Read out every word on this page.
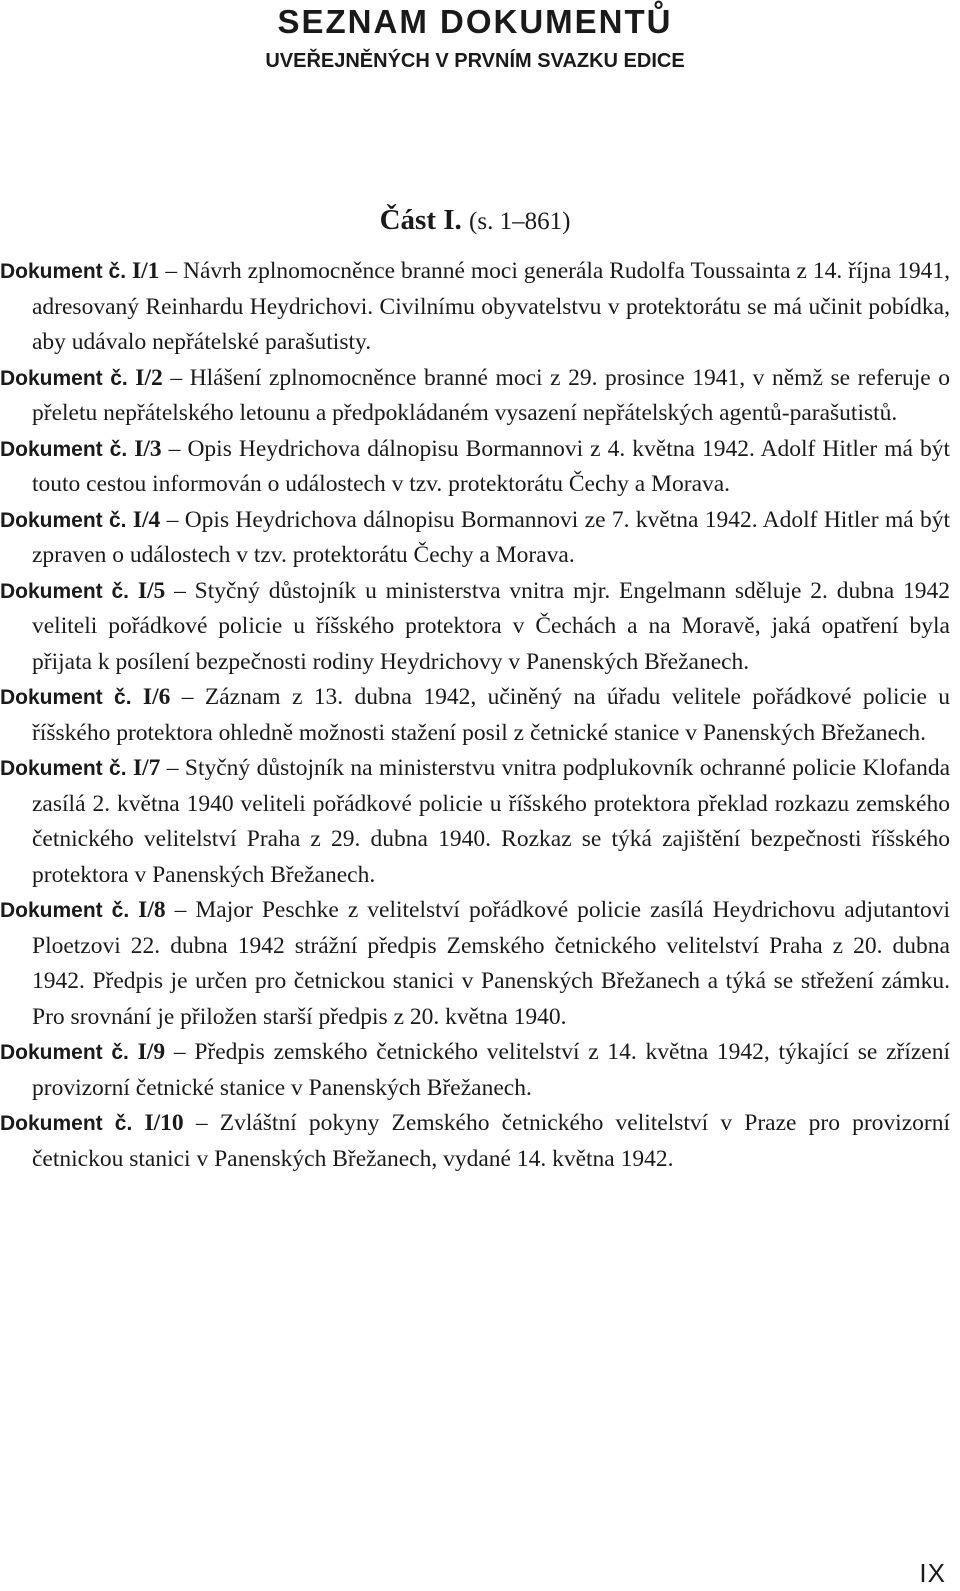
SEZNAM DOKUMENTŮ
UVEŘEJNĚNÝCH V PRVNÍM SVAZKU EDICE
Část I. (s. 1–861)

Dokument č. I/1 – Návrh zplnomocněnce branné moci generála Rudolfa Toussainta z 14. října 1941, adresovaný Reinhardu Heydrichovi. Civilnímu obyvatelstvu v protektorátu se má učinit pobídka, aby udávalo nepřátelské parašutisty.

Dokument č. I/2 – Hlášení zplnomocněnce branné moci z 29. prosince 1941, v němž se referuje o přeletu nepřátelského letounu a předpokládaném vysazení nepřátelských agentů-parašutistů.

Dokument č. I/3 – Opis Heydrichova dálnopisu Bormannovi z 4. května 1942. Adolf Hitler má být touto cestou informován o událostech v tzv. protektorátu Čechy a Morava.

Dokument č. I/4 – Opis Heydrichova dálnopisu Bormannovi ze 7. května 1942. Adolf Hitler má být zpraven o událostech v tzv. protektorátu Čechy a Morava.

Dokument č. I/5 – Styčný důstojník u ministerstva vnitra mjr. Engelmann sděluje 2. dubna 1942 veliteli pořádkové policie u říšského protektora v Čechách a na Moravě, jaká opatření byla přijata k posílení bezpečnosti rodiny Heydrichovy v Panenských Břežanech.

Dokument č. I/6 – Záznam z 13. dubna 1942, učiněný na úřadu velitele pořádkové policie u říšského protektora ohledně možnosti stažení posil z četnické stanice v Panenských Břežanech.

Dokument č. I/7 – Styčný důstojník na ministerstvu vnitra podplukovník ochranné policie Klofanda zasílá 2. května 1940 veliteli pořádkové policie u říšského protektora překlad rozkazu zemského četnického velitelství Praha z 29. dubna 1940. Rozkaz se týká zajištění bezpečnosti říšského protektora v Panenských Břežanech.

Dokument č. I/8 – Major Peschke z velitelství pořádkové policie zasílá Heydrichovu adjutantovi Ploetzovi 22. dubna 1942 strážní předpis Zemského četnického velitelství Praha z 20. dubna 1942. Předpis je určen pro četnickou stanici v Panenských Břežanech a týká se střežení zámku. Pro srovnání je přiložen starší předpis z 20. května 1940.

Dokument č. I/9 – Předpis zemského četnického velitelství z 14. května 1942, týkající se zřízení provizorní četnické stanice v Panenských Břežanech.

Dokument č. I/10 – Zvláštní pokyny Zemského četnického velitelství v Praze pro provizorní četnickou stanici v Panenských Břežanech, vydané 14. května 1942.

IX
